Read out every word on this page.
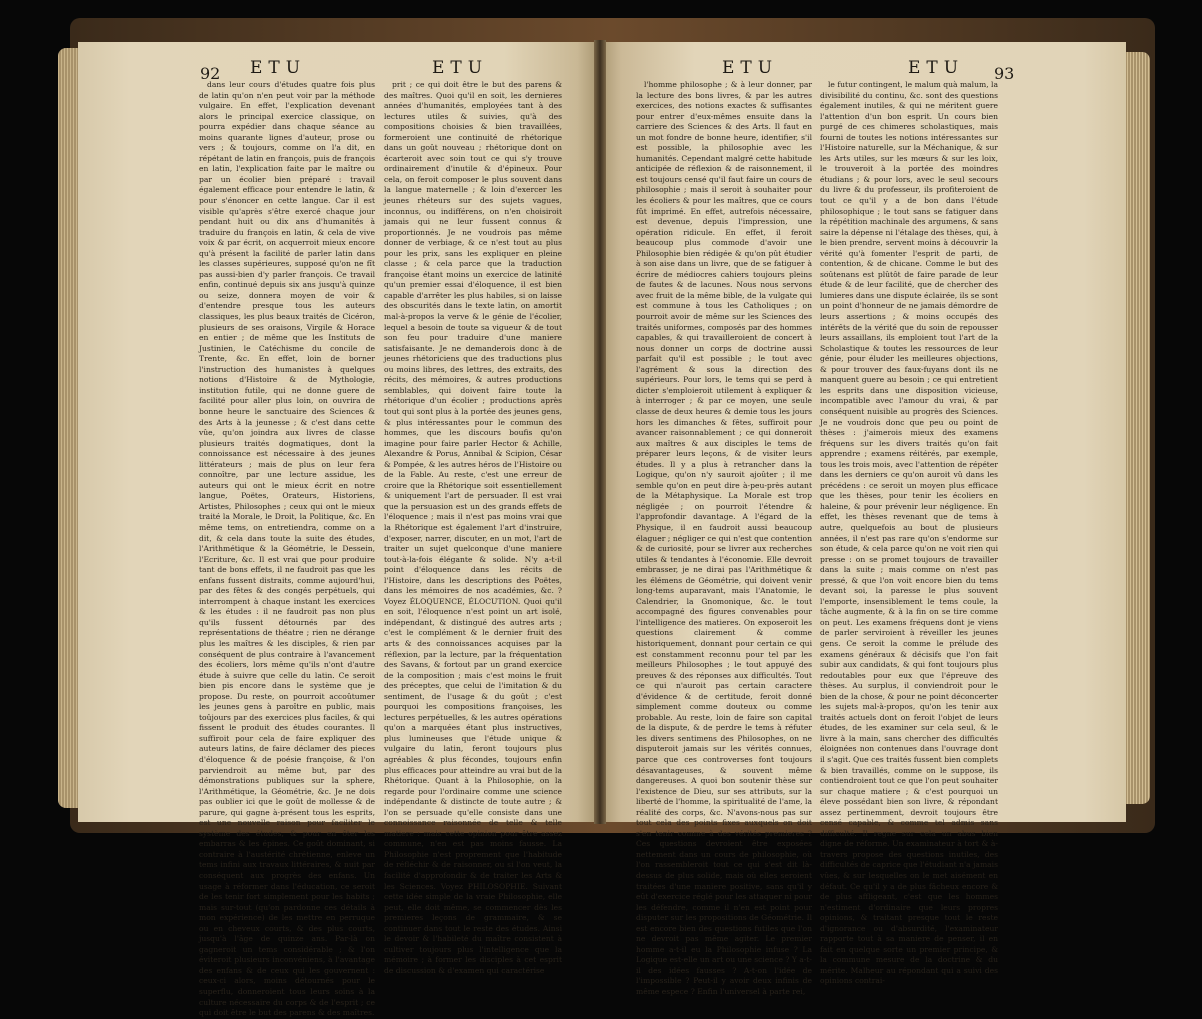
92 ETU	ETU	ETU	ETU 93

dans leur cours d'études quatre fois plus de latin qu'on n'en peut voir par la méthode vulgaire. En effet, l'explication devenant alors le principal exercice classique, on pourra expédier dans chaque séance au moins quarante lignes d'auteur, prose ou vers ; & toujours, comme on l'a dit, en répétant de latin en françois, puis de françois en latin, l'explication faite par le maître ou par un écolier bien préparé : travail également efficace pour entendre le latin, & pour s'énoncer en cette langue. Car il est visible qu'après s'être exercé chaque jour pendant huit ou dix ans d'humanités à traduire du françois en latin, & cela de vive voix & par écrit, on acquerroit mieux encore qu'à présent la facilité de parler latin dans les classes supérieures, supposé qu'on ne fît pas aussi-bien d'y parler françois. Ce travail enfin, continué depuis six ans jusqu'à quinze ou seize, donnera moyen de voir & d'entendre presque tous les auteurs classiques, les plus beaux traités de Cicéron, plusieurs de ses oraisons, Virgile & Horace en entier ; de même que les Instituts de Justinien, le Catéchisme du concile de Trente, &c. En effet, loin de borner l'instruction des humanistes à quelques notions d'Histoire & de Mythologie, institution futile, qui ne donne guere de facilité pour aller plus loin, on ouvrira de bonne heure le sanctuaire des Sciences & des Arts à la jeunesse ; & c'est dans cette vûe, qu'on joindra aux livres de classe plusieurs traités dogmatiques, dont la connoissance est nécessaire à des jeunes littérateurs ; mais de plus on leur fera connoître, par une lecture assidue, les auteurs qui ont le mieux écrit en notre langue, Poëtes, Orateurs, Historiens, Artistes, Philosophes ; ceux qui ont le mieux traité la Morale, le Droit, la Politique, &c. En même tems, on entretiendra, comme on a dit, & cela dans toute la suite des études, l'Arithmétique & la Géométrie, le Dessein, l'Ecriture, &c. Il est vrai que pour produire tant de bons effets, il ne faudroit pas que les enfans fussent distraits, comme aujourd'hui, par des fêtes & des congés perpétuels, qui interrompent à chaque instant les exercices & les études : il ne faudroit pas non plus qu'ils fussent détournés par des représentations de théatre ; rien ne dérange plus les maîtres & les disciples, & rien par conséquent de plus contraire à l'avancement des écoliers, lors même qu'ils n'ont d'autre étude à suivre que celle du latin. Ce seroit bien pis encore dans le système que je propose. Du reste, on pourroit accoûtumer les jeunes gens à paroître en public, mais toûjours par des exercices plus faciles, & qui fissent le produit des études courantes. Il suffiroit pour cela de faire expliquer des auteurs latins, de faire déclamer des pieces d'éloquence & de poésie françoise, & l'on parviendroit au même but, par des démonstrations publiques sur la sphere, l'Arithmétique, la Géométrie, &c. Je ne dois pas oublier ici que le goût de mollesse & de parure, qui gagne à-présent tous les esprits, est une nouvelle raison pour faciliter le système des études, & pour en ôter les embarras & les épines. Ce goût dominant, si contraire à l'austérité chrétienne, enleve un tems infini aux travaux littéraires, & nuit par conséquent aux progrès des enfans. Un usage à réformer dans l'éducation, ce seroit de les tenir fort simplement pour les habits ; mais sur-tout (qu'on pardonne ces détails à mon expérience) de les mettre en perruque ou en cheveux courts, & des plus courts, jusqu'à l'âge de quinze ans. Par-là on gagneroit un tems considérable ; & l'on éviteroit plusieurs inconvéniens, à l'avantage des enfans & de ceux qui les gouvernent : ceux-ci alors, moins détournés pour le superflu, donneroient tous leurs soins à la culture nécessaire du corps & de l'esprit ; ce qui doit être le but des parens & des maîtres.

prit ; ce qui doit être le but des parens & des maîtres. Quoi qu'il en soit, les dernieres années d'humanités, employées tant à des lectures utiles & suivies, qu'à des compositions choisies & bien travaillées, formeroient une continuité de rhétorique dans un goût nouveau ; rhétorique dont on écarteroit avec soin tout ce qui s'y trouve ordinairement d'inutile & d'épineux. Pour cela, on feroit composer le plus souvent dans la langue maternelle ; & loin d'exercer les jeunes rhéteurs sur des sujets vagues, inconnus, ou indifférens, on n'en choisiroit jamais qui ne leur fussent connus & proportionnés. Je ne voudrois pas même donner de verbiage, & ce n'est tout au plus pour les prix, sans les expliquer en pleine classe ; & cela parce que la traduction françoise étant moins un exercice de latinité qu'un premier essai d'éloquence, il est bien capable d'arrêter les plus habiles, si on laisse des obscurités dans le texte latin, on amortit mal-à-propos la verve & le génie de l'écolier, lequel a besoin de toute sa vigueur & de tout son feu pour traduire d'une maniere satisfaisante. Je ne demanderois donc à de jeunes rhétoriciens que des traductions plus ou moins libres, des lettres, des extraits, des récits, des mémoires, & autres productions semblables, qui doivent faire toute la rhétorique d'un écolier ; productions après tout qui sont plus à la portée des jeunes gens, & plus intéressantes pour le commun des hommes, que les discours boufis qu'on imagine pour faire parler Hector & Achille, Alexandre & Porus, Annibal & Scipion, César & Pompée, & les autres héros de l'Histoire ou de la Fable. Au reste, c'est une erreur de croire que la Rhétorique soit essentiellement & uniquement l'art de persuader. Il est vrai que la persuasion est un des grands effets de l'éloquence ; mais il n'est pas moins vrai que la Rhétorique est également l'art d'instruire, d'exposer, narrer, discuter, en un mot, l'art de traiter un sujet quelconque d'une maniere tout-à-la-fois élégante & solide. N'y a-t-il point d'éloquence dans les récits de l'Histoire, dans les descriptions des Poëtes, dans les mémoires de nos académies, &c. ? Voyez ÉLOQUENCE, ÉLOCUTION. Quoi qu'il en soit, l'éloquence n'est point un art isolé, indépendant, & distingué des autres arts ; c'est le complément & le dernier fruit des arts & des connoissances acquises par la réflexion, par la lecture, par la fréquentation des Savans, & fortout par un grand exercice de la composition ; mais c'est moins le fruit des préceptes, que celui de l'imitation & du sentiment, de l'usage & du goût ; c'est pourquoi les compositions françoises, les lectures perpétuelles, & les autres opérations qu'on a marquées étant plus instructives, plus lumineuses que l'étude unique & vulgaire du latin, feront toujours plus agréables & plus fécondes, toujours enfin plus efficaces pour atteindre au vrai but de la Rhétorique. Quant à la Philosophie, on la regarde pour l'ordinaire comme une science indépendante & distincte de toute autre ; & l'on se persuade qu'elle consiste dans une connoissance raisonnée de telle & telle matiere : mais cette opinion pour être assez commune, n'en est pas moins fausse. La Philosophie n'est proprement que l'habitude de réfléchir & de raisonner, ou si l'on veut, la facilité d'approfondir & de traiter les Arts & les Sciences. Voyez PHILOSOPHIE. Suivant cette idée simple de la vraie Philosophie, elle peut, elle doit même, se commencer dès les premieres leçons de grammaire, & se continuer dans tout le reste des études. Ainsi le devoir & l'habileté du maître consistent à cultiver toujours plus l'intelligence que la mémoire ; à former les disciples à cet esprit de discussion & d'examen qui caractérise

l'homme philosophe ; & à leur donner, par la lecture des bons livres, & par les autres exercices, des notions exactes & suffisantes pour entrer d'eux-mêmes ensuite dans la carriere des Sciences & des Arts. Il faut en un mot fondre de bonne heure, identifier, s'il est possible, la philosophie avec les humanités. Cependant malgré cette habitude anticipée de réflexion & de raisonnement, il est toujours censé qu'il faut faire un cours de philosophie ; mais il seroit à souhaiter pour les écoliers & pour les maîtres, que ce cours fût imprimé. En effet, autrefois nécessaire, est devenue, depuis l'impression, une opération ridicule. En effet, il feroit beaucoup plus commode d'avoir une Philosophie bien rédigée & qu'on pût étudier à son aise dans un livre, que de se fatiguer à écrire de médiocres cahiers toujours pleins de fautes & de lacunes. Nous nous servons avec fruit de la même bible, de la vulgate qui est commune à tous les Catholiques ; on pourroit avoir de même sur les Sciences des traités uniformes, composés par des hommes capables, & qui travailleroient de concert à nous donner un corps de doctrine aussi parfait qu'il est possible ; le tout avec l'agrément & sous la direction des supérieurs. Pour lors, le tems qui se perd à dicter s'emploieroit utilement à expliquer & à interroger ; & par ce moyen, une seule classe de deux heures & demie tous les jours hors les dimanches & fêtes, suffiroit pour avancer raisonnablement ; ce qui donneroit aux maîtres & aux disciples le tems de préparer leurs leçons, & de visiter leurs études. Il y a plus à retrancher dans la Logique, qu'on n'y sauroit ajoûter ; il me semble qu'on en peut dire à-peu-près autant de la Métaphysique. La Morale est trop négligée ; on pourroit l'étendre & l'approfondir davantage. A l'égard de la Physique, il en faudroit aussi beaucoup élaguer ; négliger ce qui n'est que contention & de curiosité, pour se livrer aux recherches utiles & tendantes à l'économie. Elle devroit embrasser, je ne dirai pas l'Arithmétique & les élémens de Géométrie, qui doivent venir long-tems auparavant, mais l'Anatomie, le Calendrier, la Gnomonique, &c. le tout accompagné des figures convenables pour l'intelligence des matieres. On exposeroit les questions clairement & comme historiquement, donnant pour certain ce qui est constamment reconnu pour tel par les meilleurs Philosophes ; le tout appuyé des preuves & des réponses aux difficultés. Tout ce qui n'auroit pas certain caractere d'évidence & de certitude, feroit donné simplement comme douteux ou comme probable. Au reste, loin de faire son capital de la dispute, & de perdre le tems à réfuter les divers sentimens des Philosophes, on ne disputeroit jamais sur les vérités connues, parce que ces controverses font toujours désavantageuses, & souvent même dangereuses. A quoi bon soutenir thèse sur l'existence de Dieu, sur ses attributs, sur la liberté de l'homme, la spiritualité de l'ame, la réalité des corps, &c. N'avons-nous pas sur tout cela des points fixes auxquels on doit s'en tenir comme à des vérités premieres ? Ces questions devroient être exposées nettement dans un cours de philosophie, où l'on rassembleroit tout ce qui s'est dit là-dessus de plus solide, mais où elles seroient traitées d'une maniere positive, sans qu'il y eût d'exercice réglé pour les attaquer ni pour les défendre, comme il n'en est point pour disputer sur les propositions de Géométrie. Il est encore bien des questions futiles que l'on ne devroit pas même agiter. Le premier homme a-t-il eu la Philosophie infuse ? La Logique est-elle un art ou une science ? Y a-t-il des idées fausses ? A-t-on l'idée de l'impossible ? Peut-il y avoir deux infinis de même espece ? Enfin l'universel à parte rei,

le futur contingent, le malum quà malum, la divisibilité du continu, &c. sont des questions également inutiles, & qui ne méritent guere l'attention d'un bon esprit. Un cours bien purgé de ces chimeres scholastiques, mais fourni de toutes les notions intéressantes sur l'Histoire naturelle, sur la Méchanique, & sur les Arts utiles, sur les mœurs & sur les loix, le trouveroit à la portée des moindres étudians ; & pour lors, avec le seul secours du livre & du professeur, ils profiteroient de tout ce qu'il y a de bon dans l'étude philosophique ; le tout sans se fatiguer dans la répétition machinale des argumens, & sans saire la dépense ni l'étalage des thèses, qui, à le bien prendre, servent moins à découvrir la vérité qu'à fomenter l'esprit de parti, de contention, & de chicane. Comme le but des soûtenans est plûtôt de faire parade de leur étude & de leur facilité, que de chercher des lumieres dans une dispute éclairée, ils se sont un point d'honneur de ne jamais démordre de leurs assertions ; & moins occupés des intérêts de la vérité que du soin de repousser leurs assaillans, ils emploient tout l'art de la Scholastique & toutes les ressources de leur génie, pour éluder les meilleures objections, & pour trouver des faux-fuyans dont ils ne manquent guere au besoin ; ce qui entretient les esprits dans une disposition vicieuse, incompatible avec l'amour du vrai, & par conséquent nuisible au progrès des Sciences. Je ne voudrois donc que peu ou point de thèses : j'aimerois mieux des examens fréquens sur les divers traités qu'on fait apprendre ; examens réitérés, par exemple, tous les trois mois, avec l'attention de répéter dans les derniers ce qu'on auroit vû dans les précédens : ce seroit un moyen plus efficace que les thèses, pour tenir les écoliers en haleine, & pour prévenir leur négligence. En effet, les thèses revenant que de tems à autre, quelquefois au bout de plusieurs années, il n'est pas rare qu'on s'endorme sur son étude, & cela parce qu'on ne voit rien qui presse : on se promet toujours de travailler dans la suite ; mais comme on n'est pas pressé, & que l'on voit encore bien du tems devant soi, la paresse le plus souvent l'emporte, insensiblement le tems coule, la tâche augmente, & à la fin on se tire comme on peut. Les examens fréquens dont je viens de parler serviroient à réveiller les jeunes gens. Ce seroit la comme le prélude des examens généraux & décisifs que l'on fait subir aux candidats, & qui font toujours plus redoutables pour eux que l'épreuve des thèses. Au surplus, il conviendroit pour le bien de la chose, & pour ne point déconcerter les sujets mal-à-propos, qu'on les tenir aux traités actuels dont on feroit l'objet de leurs études, de les examiner sur cela seul, & le livre à la main, sans chercher des difficultés éloignées non contenues dans l'ouvrage dont il s'agit. Que ces traités fussent bien complets & bien travaillés, comme on le suppose, ils contiendroient tout ce que l'on peut souhaiter sur chaque matiere ; & c'est pourquoi un éleve possédant bien son livre, & répondant assez pertinemment, devroit toujours être censé capable, & comme tel admis sans difficulté. Il regne sur cela un abus bien digne de réforme. Un examinateur à tort & à-travers propose des questions inutiles, des difficultés de caprice que l'étudiant n'a jamais vûes, & sur lesquelles on le met aisément en défaut. Ce qu'il y a de plus fâcheux encore & de plus affligeant, c'est que les hommes n'estiment d'ordinaire que leurs propres opinions, & traitant presque tout le reste d'ignorance ou d'absurdité, l'examinateur rapporte tout à sa maniere de penser, il en fait en quelque sorte un premier principe, & la commune mesure de la doctrine & du mérite. Malheur au répondant qui a suivi des opinions contrai-
